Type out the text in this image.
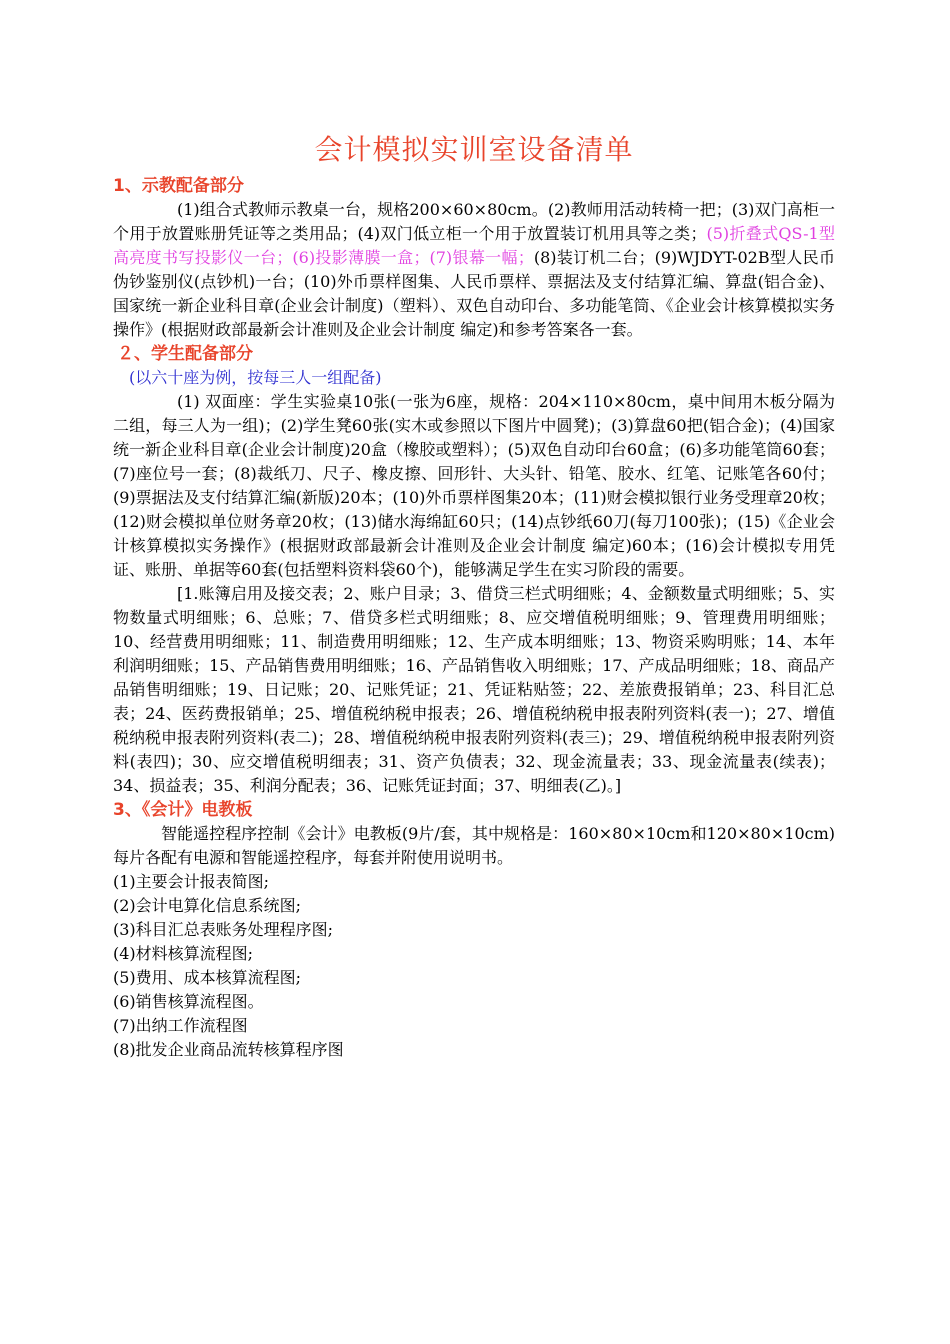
会计模拟实训室设备清单

1、示教配备部分

(1)组合式教师示教桌一台，规格200×60×80cm。(2)教师用活动转椅一把；(3)双门高柜一个用于放置账册凭证等之类用品；(4)双门低立柜一个用于放置装订机用具等之类；(5)折叠式QS-1型高亮度书写投影仪一台；(6)投影薄膜一盒；(7)银幕一幅；(8)装订机二台；(9)WJDYT-02B型人民币伪钞鉴别仪(点钞机)一台；(10)外币票样图集、人民币票样、票据法及支付结算汇编、算盘(铝合金)、国家统一新企业科目章(企业会计制度)（塑料）、双色自动印台、多功能笔筒、《企业会计核算模拟实务操作》(根据财政部最新会计准则及企业会计制度 编定)和参考答案各一套。

２、学生配备部分

(以六十座为例，按每三人一组配备)

(1) 双面座：学生实验桌10张(一张为6座，规格：204×110×80cm，桌中间用木板分隔为二组，每三人为一组)；(2)学生凳60张(实木或参照以下图片中圆凳)；(3)算盘60把(铝合金)；(4)国家统一新企业科目章(企业会计制度)20盒（橡胶或塑料）；(5)双色自动印台60盒；(6)多功能笔筒60套；(7)座位号一套；(8)裁纸刀、尺子、橡皮擦、回形针、大头针、铅笔、胶水、红笔、记账笔各60付；(9)票据法及支付结算汇编(新版)20本；(10)外币票样图集20本；(11)财会模拟银行业务受理章20枚；(12)财会模拟单位财务章20枚；(13)储水海绵缸60只；(14)点钞纸60刀(每刀100张)；(15)《企业会计核算模拟实务操作》(根据财政部最新会计准则及企业会计制度 编定)60本；(16)会计模拟专用凭证、账册、单据等60套(包括塑料资料袋60个)，能够满足学生在实习阶段的需要。

[1.账簿启用及接交表；2、账户目录；3、借贷三栏式明细账；4、金额数量式明细账；5、实物数量式明细账；6、总账；7、借贷多栏式明细账；8、应交增值税明细账；9、管理费用明细账；10、经营费用明细账；11、制造费用明细账；12、生产成本明细账；13、物资采购明账；14、本年利润明细账；15、产品销售费用明细账；16、产品销售收入明细账；17、产成品明细账；18、商品产品销售明细账；19、日记账；20、记账凭证；21、凭证粘贴签；22、差旅费报销单；23、科目汇总表；24、医药费报销单；25、增值税纳税申报表；26、增值税纳税申报表附列资料(表一)；27、增值税纳税申报表附列资料(表二)；28、增值税纳税申报表附列资料(表三)；29、增值税纳税申报表附列资料(表四)；30、应交增值税明细表；31、资产负债表；32、现金流量表；33、现金流量表(续表)；34、损益表；35、利润分配表；36、记账凭证封面；37、明细表(乙)。]

3、《会计》电教板

智能遥控程序控制《会计》电教板(9片/套，其中规格是：160×80×10cm和120×80×10cm)每片各配有电源和智能遥控程序，每套并附使用说明书。

(1)主要会计报表简图;
(2)会计电算化信息系统图;
(3)科目汇总表账务处理程序图;
(4)材料核算流程图;
(5)费用、成本核算流程图;
(6)销售核算流程图。
(7)出纳工作流程图
(8)批发企业商品流转核算程序图
